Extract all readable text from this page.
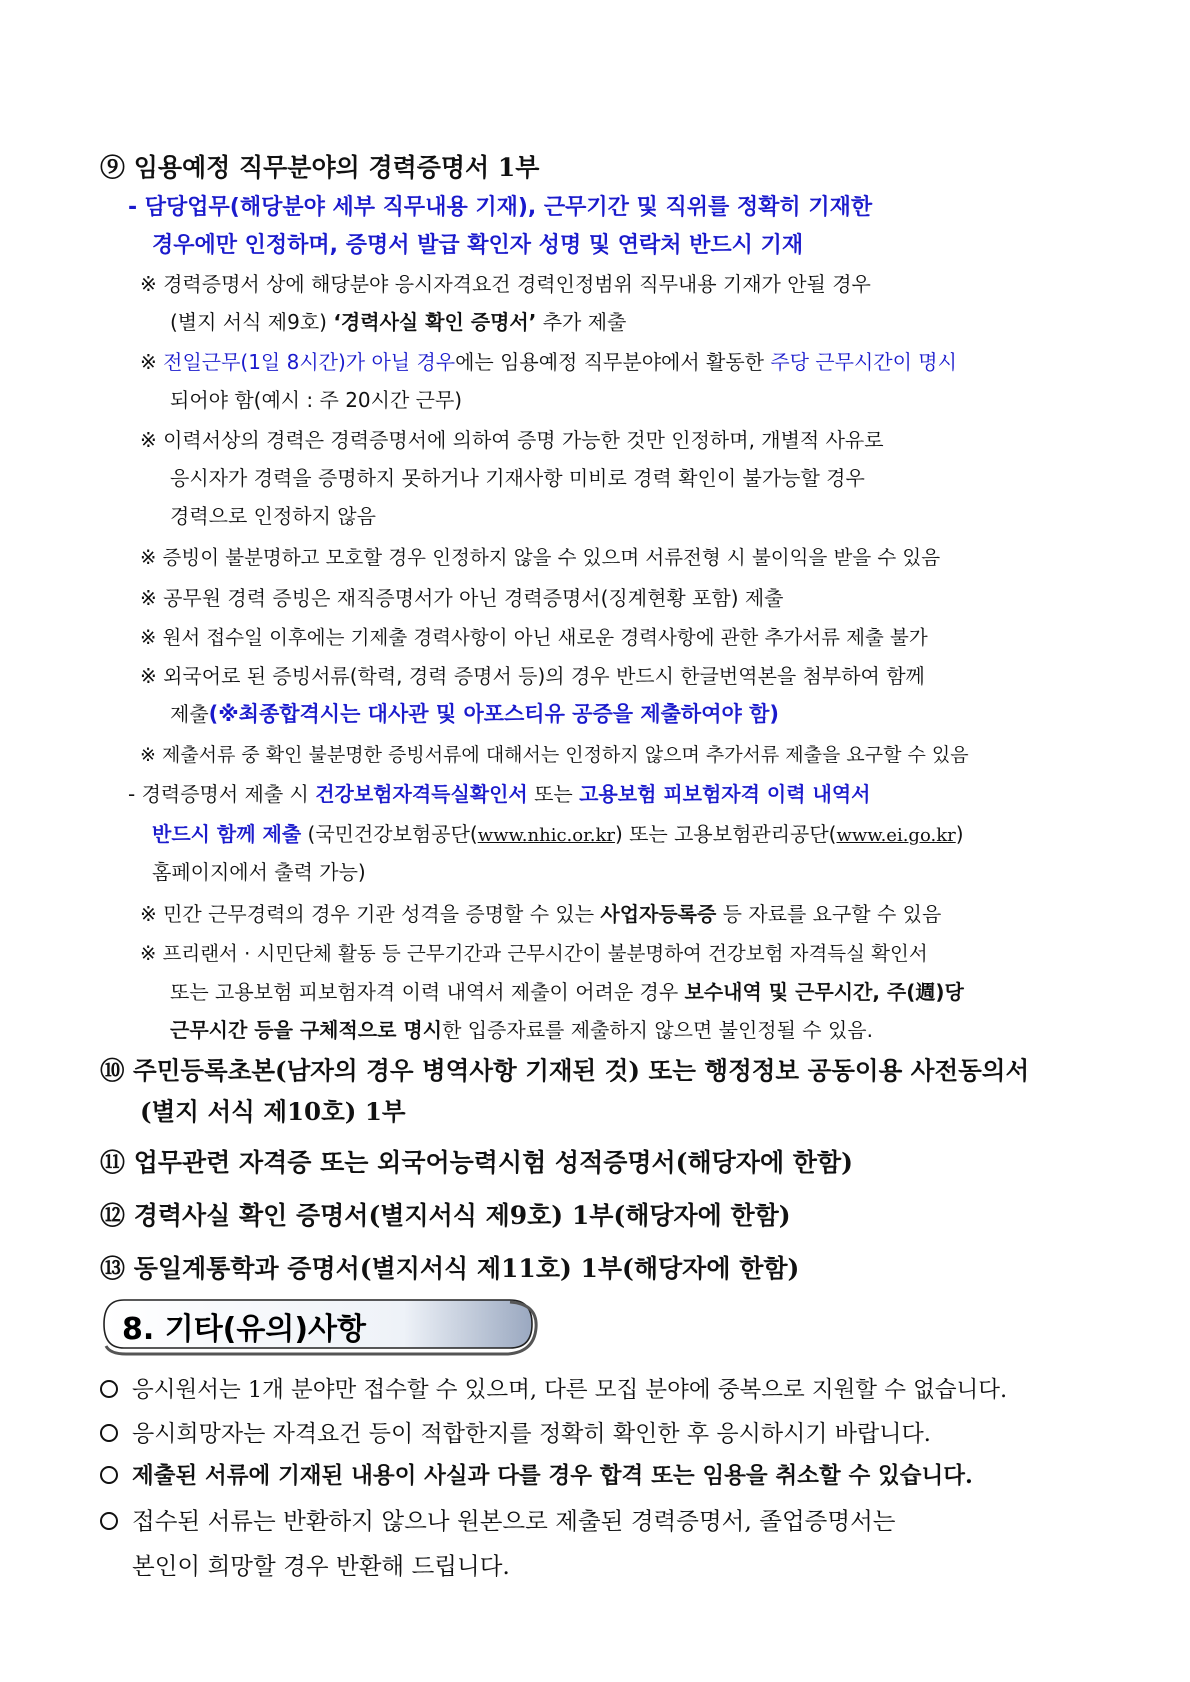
⑨ 임용예정 직무분야의 경력증명서 1부
- 담당업무(해당분야 세부 직무내용 기재), 근무기간 및 직위를 정확히 기재한
경우에만 인정하며, 증명서 발급 확인자 성명 및 연락처 반드시 기재
※ 경력증명서 상에 해당분야 응시자격요건 경력인정범위 직무내용 기재가 안될 경우
(별지 서식 제9호) ‘경력사실 확인 증명서’ 추가 제출
※ 전일근무(1일 8시간)가 아닐 경우에는 임용예정 직무분야에서 활동한 주당 근무시간이 명시
되어야 함(예시 : 주 20시간 근무)
※ 이력서상의 경력은 경력증명서에 의하여 증명 가능한 것만 인정하며, 개별적 사유로
응시자가 경력을 증명하지 못하거나 기재사항 미비로 경력 확인이 불가능할 경우
경력으로 인정하지 않음
※ 증빙이 불분명하고 모호할 경우 인정하지 않을 수 있으며 서류전형 시 불이익을 받을 수 있음
※ 공무원 경력 증빙은 재직증명서가 아닌 경력증명서(징계현황 포함) 제출
※ 원서 접수일 이후에는 기제출 경력사항이 아닌 새로운 경력사항에 관한 추가서류 제출 불가
※ 외국어로 된 증빙서류(학력, 경력 증명서 등)의 경우 반드시 한글번역본을 첨부하여 함께
제출(※최종합격시는 대사관 및 아포스티유 공증을 제출하여야 함)
※ 제출서류 중 확인 불분명한 증빙서류에 대해서는 인정하지 않으며 추가서류 제출을 요구할 수 있음
- 경력증명서 제출 시 건강보험자격득실확인서 또는 고용보험 피보험자격 이력 내역서
반드시 함께 제출 (국민건강보험공단(www.nhic.or.kr) 또는 고용보험관리공단(www.ei.go.kr)
홈페이지에서 출력 가능)
※ 민간 근무경력의 경우 기관 성격을 증명할 수 있는 사업자등록증 등 자료를 요구할 수 있음
※ 프리랜서 · 시민단체 활동 등 근무기간과 근무시간이 불분명하여 건강보험 자격득실 확인서
또는 고용보험 피보험자격 이력 내역서 제출이 어려운 경우 보수내역 및 근무시간, 주(週)당
근무시간 등을 구체적으로 명시한 입증자료를 제출하지 않으면 불인정될 수 있음.
⑩ 주민등록초본(남자의 경우 병역사항 기재된 것) 또는 행정정보 공동이용 사전동의서
(별지 서식 제10호) 1부
⑪ 업무관련 자격증 또는 외국어능력시험 성적증명서(해당자에 한함)
⑫ 경력사실 확인 증명서(별지서식 제9호) 1부(해당자에 한함)
⑬ 동일계통학과 증명서(별지서식 제11호) 1부(해당자에 한함)
8. 기타(유의)사항
응시원서는 1개 분야만 접수할 수 있으며, 다른 모집 분야에 중복으로 지원할 수 없습니다.
응시희망자는 자격요건 등이 적합한지를 정확히 확인한 후 응시하시기 바랍니다.
제출된 서류에 기재된 내용이 사실과 다를 경우 합격 또는 임용을 취소할 수 있습니다.
접수된 서류는 반환하지 않으나 원본으로 제출된 경력증명서, 졸업증명서는
본인이 희망할 경우 반환해 드립니다.
